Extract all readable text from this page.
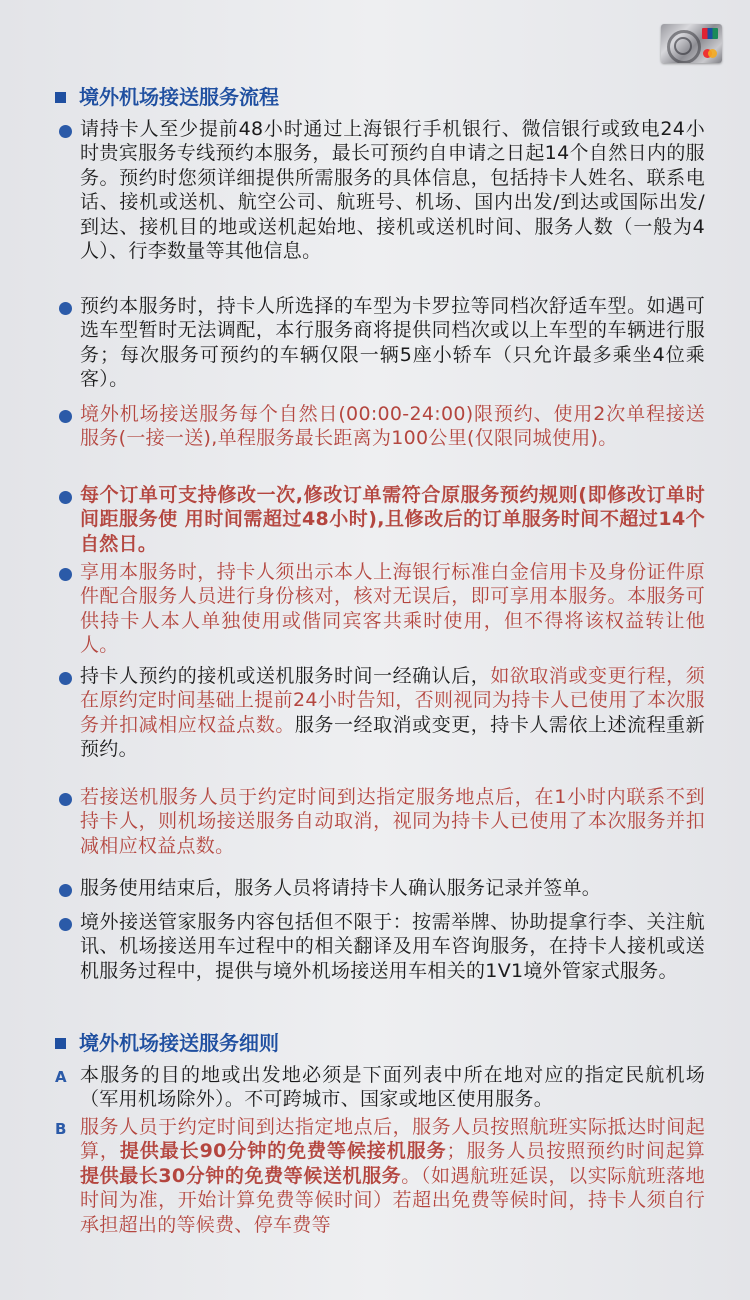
境外机场接送服务流程
请持卡人至少提前48小时通过上海银行手机银行、微信银行或致电24小时贵宾服务专线预约本服务，最长可预约自申请之日起14个自然日内的服务。预约时您须详细提供所需服务的具体信息，包括持卡人姓名、联系电话、接机或送机、航空公司、航班号、机场、国内出发/到达或国际出发/到达、接机目的地或送机起始地、接机或送机时间、服务人数（一般为4人）、行李数量等其他信息。
预约本服务时，持卡人所选择的车型为卡罗拉等同档次舒适车型。如遇可选车型暂时无法调配，本行服务商将提供同档次或以上车型的车辆进行服务；每次服务可预约的车辆仅限一辆5座小轿车（只允许最多乘坐4位乘客）。
境外机场接送服务每个自然日(00:00-24:00)限预约、使用2次单程接送服务(一接一送),单程服务最长距离为100公里(仅限同城使用)。
每个订单可支持修改一次,修改订单需符合原服务预约规则(即修改订单时间距服务使 用时间需超过48小时),且修改后的订单服务时间不超过14个自然日。
享用本服务时，持卡人须出示本人上海银行标准白金信用卡及身份证件原件配合服务人员进行身份核对，核对无误后，即可享用本服务。本服务可供持卡人本人单独使用或偕同宾客共乘时使用，但不得将该权益转让他人。
持卡人预约的接机或送机服务时间一经确认后，如欲取消或变更行程，须在原约定时间基础上提前24小时告知，否则视同为持卡人已使用了本次服务并扣减相应权益点数。服务一经取消或变更，持卡人需依上述流程重新预约。
若接送机服务人员于约定时间到达指定服务地点后，在1小时内联系不到持卡人，则机场接送服务自动取消，视同为持卡人已使用了本次服务并扣减相应权益点数。
服务使用结束后，服务人员将请持卡人确认服务记录并签单。
境外接送管家服务内容包括但不限于：按需举牌、协助提拿行李、关注航讯、机场接送用车过程中的相关翻译及用车咨询服务，在持卡人接机或送机服务过程中，提供与境外机场接送用车相关的1V1境外管家式服务。
境外机场接送服务细则
A 本服务的目的地或出发地必须是下面列表中所在地对应的指定民航机场（军用机场除外）。不可跨城市、国家或地区使用服务。
B 服务人员于约定时间到达指定地点后，服务人员按照航班实际抵达时间起算，提供最长90分钟的免费等候接机服务；服务人员按照预约时间起算提供最长30分钟的免费等候送机服务。（如遇航班延误，以实际航班落地时间为准，开始计算免费等候时间）若超出免费等候时间，持卡人须自行承担超出的等候费、停车费等
